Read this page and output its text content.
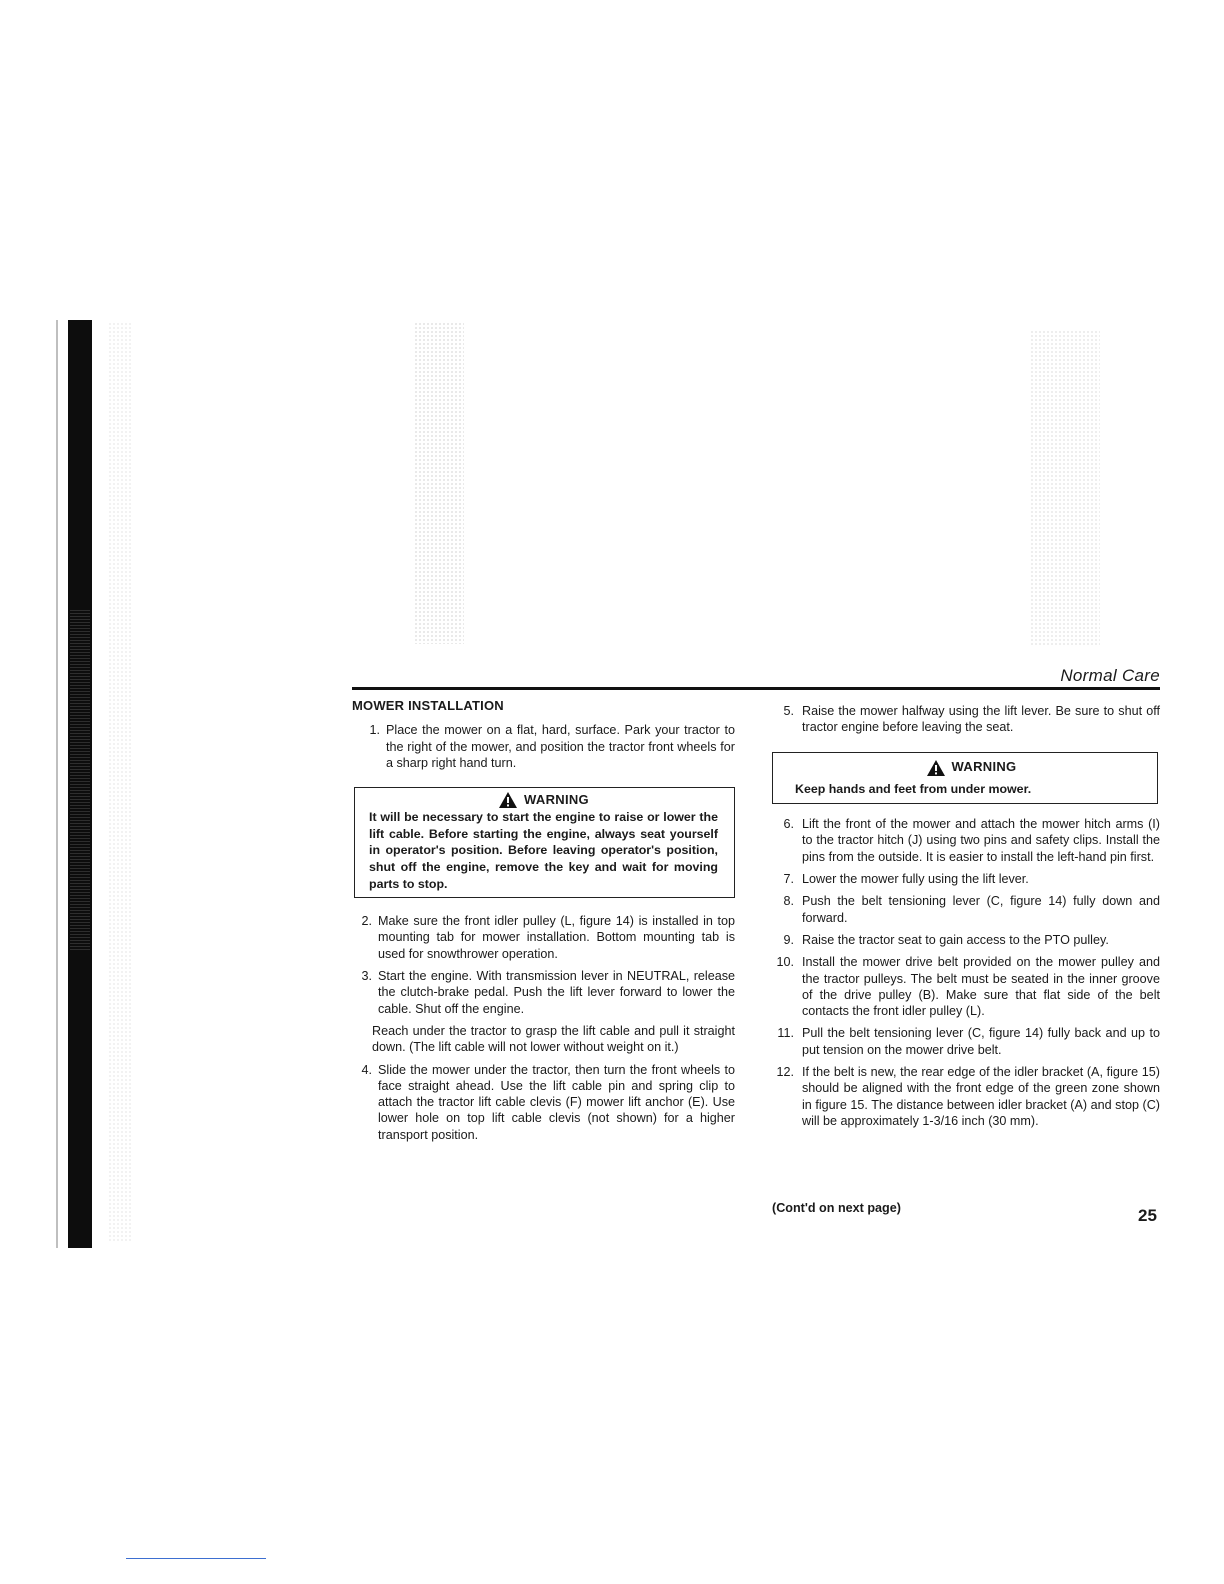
Normal Care
MOWER INSTALLATION
1. Place the mower on a flat, hard, surface. Park your tractor to the right of the mower, and position the tractor front wheels for a sharp right hand turn.
WARNING
It will be necessary to start the engine to raise or lower the lift cable. Before starting the engine, always seat yourself in operator's position. Before leaving operator's position, shut off the engine, remove the key and wait for moving parts to stop.
2. Make sure the front idler pulley (L, figure 14) is installed in top mounting tab for mower installation. Bottom mounting tab is used for snowthrower operation.
3. Start the engine. With transmission lever in NEUTRAL, release the clutch-brake pedal. Push the lift lever forward to lower the cable. Shut off the engine.
Reach under the tractor to grasp the lift cable and pull it straight down. (The lift cable will not lower without weight on it.)
4. Slide the mower under the tractor, then turn the front wheels to face straight ahead. Use the lift cable pin and spring clip to attach the tractor lift cable clevis (F) mower lift anchor (E). Use lower hole on top lift cable clevis (not shown) for a higher transport position.
5. Raise the mower halfway using the lift lever. Be sure to shut off tractor engine before leaving the seat.
WARNING
Keep hands and feet from under mower.
6. Lift the front of the mower and attach the mower hitch arms (I) to the tractor hitch (J) using two pins and safety clips. Install the pins from the outside. It is easier to install the left-hand pin first.
7. Lower the mower fully using the lift lever.
8. Push the belt tensioning lever (C, figure 14) fully down and forward.
9. Raise the tractor seat to gain access to the PTO pulley.
10. Install the mower drive belt provided on the mower pulley and the tractor pulleys. The belt must be seated in the inner groove of the drive pulley (B). Make sure that flat side of the belt contacts the front idler pulley (L).
11. Pull the belt tensioning lever (C, figure 14) fully back and up to put tension on the mower drive belt.
12. If the belt is new, the rear edge of the idler bracket (A, figure 15) should be aligned with the front edge of the green zone shown in figure 15. The distance between idler bracket (A) and stop (C) will be approximately 1-3/16 inch (30 mm).
(Cont'd on next page)	25
